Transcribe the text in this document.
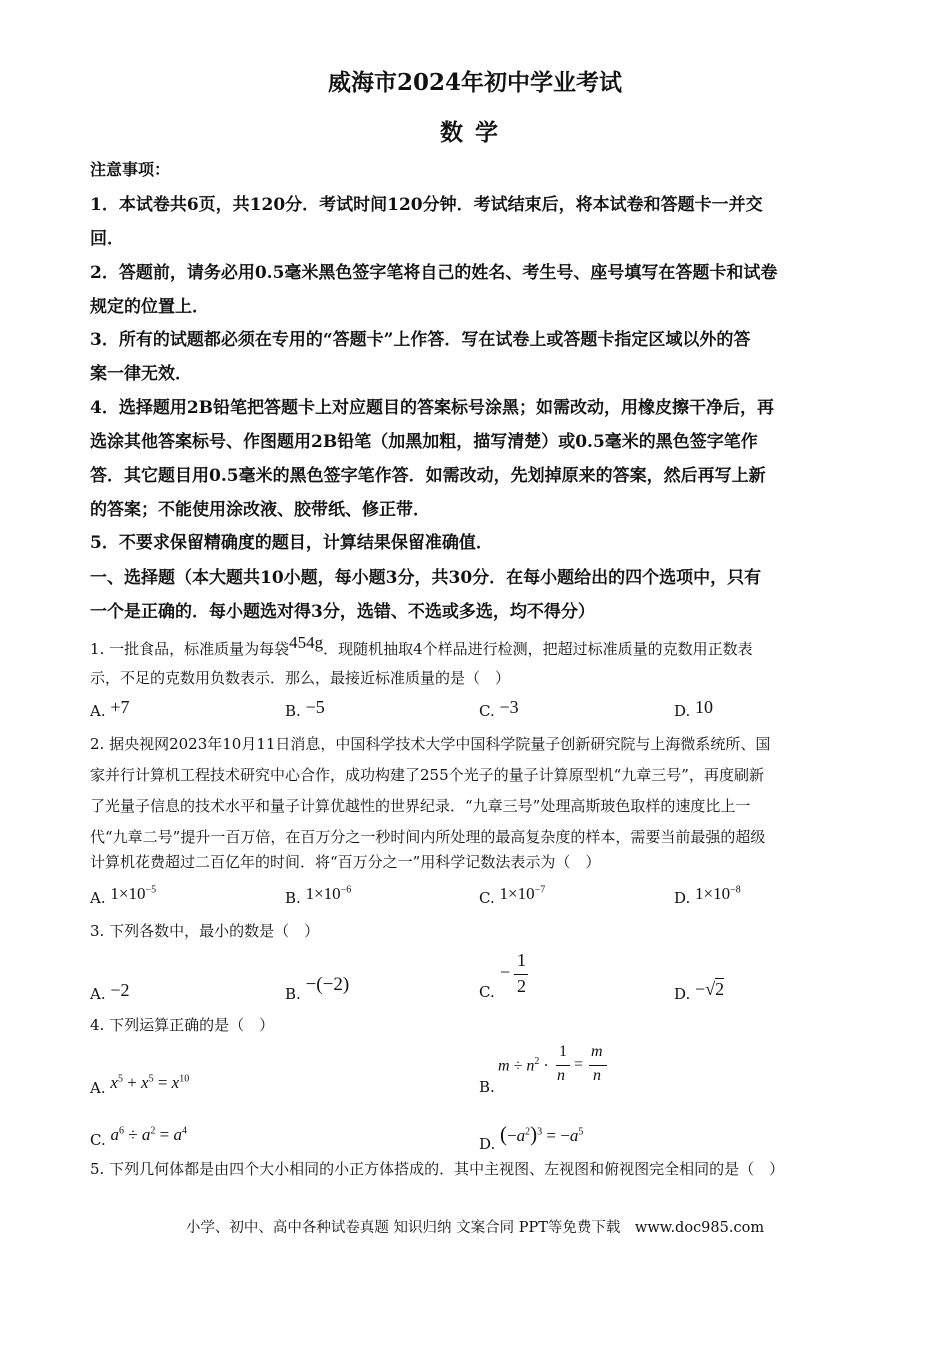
威海市2024年初中学业考试
数学
注意事项：
1．本试卷共6页，共120分．考试时间120分钟．考试结束后，将本试卷和答题卡一并交
回．
2．答题前，请务必用0.5毫米黑色签字笔将自己的姓名、考生号、座号填写在答题卡和试卷
规定的位置上．
3．所有的试题都必须在专用的“答题卡”上作答．写在试卷上或答题卡指定区域以外的答
案一律无效．
4．选择题用2B铅笔把答题卡上对应题目的答案标号涂黑；如需改动，用橡皮擦干净后，再
选涂其他答案标号、作图题用2B铅笔（加黑加粗，描写清楚）或0.5毫米的黑色签字笔作
答．其它题目用0.5毫米的黑色签字笔作答．如需改动，先划掉原来的答案，然后再写上新
的答案；不能使用涂改液、胶带纸、修正带．
5．不要求保留精确度的题目，计算结果保留准确值．
一、选择题（本大题共10小题，每小题3分，共30分．在每小题给出的四个选项中，只有
一个是正确的．每小题选对得3分，选错、不选或多选，均不得分）
1. 一批食品，标准质量为每袋454g．现随机抽取4个样品进行检测，把超过标准质量的克数用正数表
示，不足的克数用负数表示．那么，最接近标准质量的是（　）
A. +7	B. −5	C. −3	D. 10
2. 据央视网2023年10月11日消息，中国科学技术大学中国科学院量子创新研究院与上海微系统所、国
家并行计算机工程技术研究中心合作，成功构建了255个光子的量子计算原型机“九章三号”，再度刷新
了光量子信息的技术水平和量子计算优越性的世界纪录．“九章三号”处理高斯玻色取样的速度比上一
代“九章二号”提升一百万倍，在百万分之一秒时间内所处理的最高复杂度的样本，需要当前最强的超级
计算机花费超过二百亿年的时间．将“百万分之一”用科学记数法表示为（　）
A. $1\times 10^{-5}$	B. $1\times 10^{-6}$	C. $1\times 10^{-7}$	D. $1\times 10^{-8}$
3. 下列各数中，最小的数是（　）
A. −2	B. −(−2)	C.
−
1
2	D. −√2
4. 下列运算正确的是（　）
A. $x^5 + x^5 = x^{10}$	B.
$m \div n^2$ ·
1
n
=
m
n
C. $a^6 \div a^2 = a^4$
D. $(-a^2)^3 = -a^5$
5. 下列几何体都是由四个大小相同的小正方体搭成的．其中主视图、左视图和俯视图完全相同的是（　）
小学、初中、高中各种试卷真题 知识归纳 文案合同 PPT等免费下载　www.doc985.com
